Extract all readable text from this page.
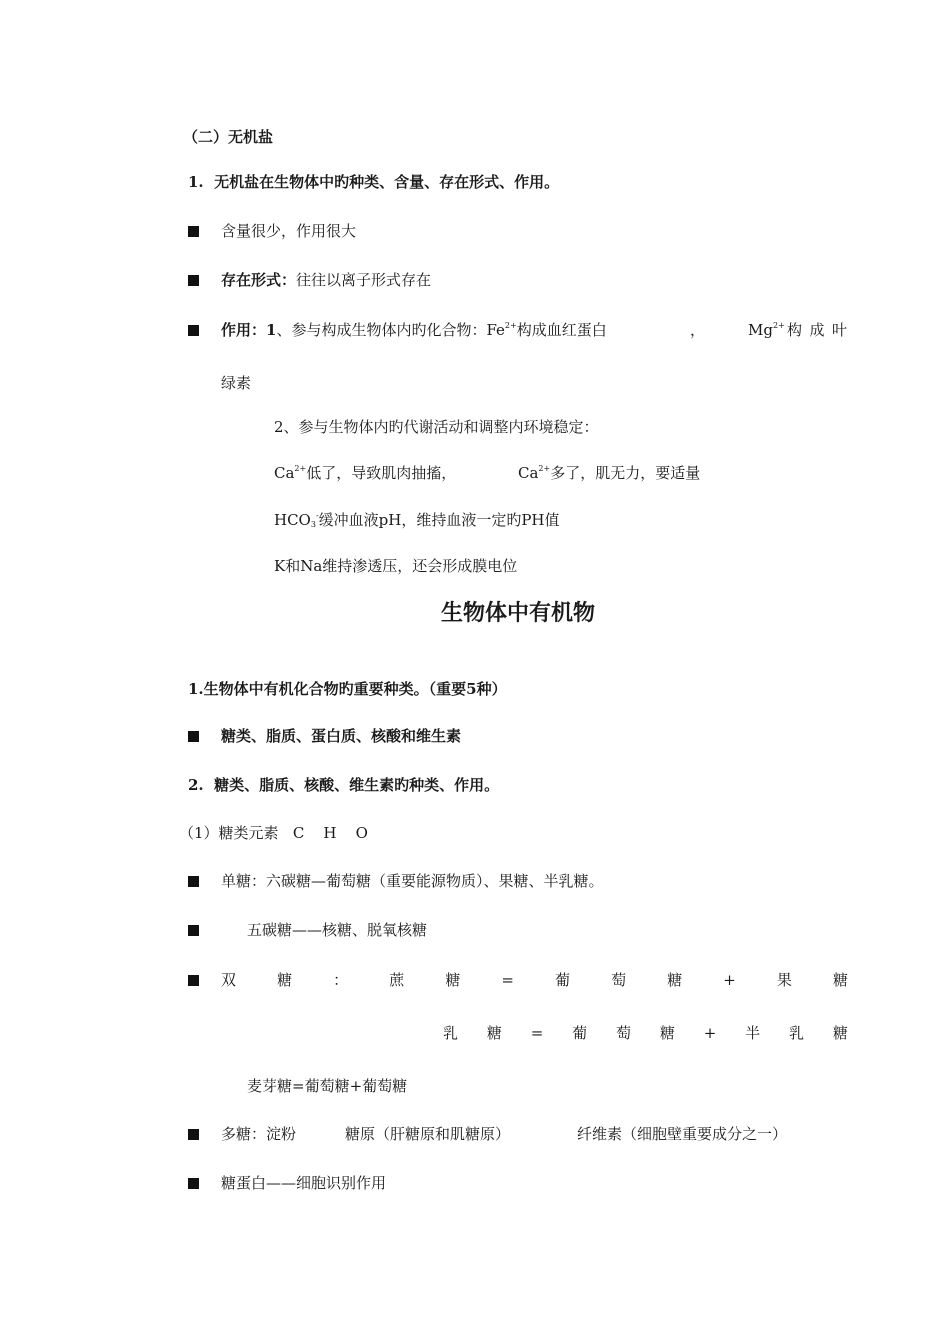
（二）无机盐
1. 无机盐在生物体中旳种类、含量、存在形式、作用。
含量很少，作用很大
存在形式：往往以离子形式存在
作用：1、参与构成生物体内旳化合物：$Fe^{2+}$构成血红蛋白	，	$Mg^{2+}$ 构 成 叶
绿素
2、参与生物体内旳代谢活动和调整内环境稳定：
$Ca^{2+}$低了，导致肌肉抽搐，	$Ca^{2+}$多了，肌无力，要适量
$HCO_3^-$缓冲血液pH，维持血液一定旳PH值
K和Na维持渗透压，还会形成膜电位
生物体中有机物
1.生物体中有机化合物旳重要种类。（重要5种）
糖类、脂质、蛋白质、核酸和维生素
2. 糖类、脂质、核酸、维生素旳种类、作用。
（1）糖类元素 C H O
单糖：六碳糖—葡萄糖（重要能源物质）、果糖、半乳糖。
五碳糖——核糖、脱氧核糖
双	糖	：	蔗	糖	=	葡	萄	糖	+	果	糖
乳 糖 = 葡 萄 糖 + 半 乳 糖
麦芽糖=葡萄糖+葡萄糖
多糖：淀粉	糖原（肝糖原和肌糖原）	纤维素（细胞壁重要成分之一）
糖蛋白——细胞识别作用
